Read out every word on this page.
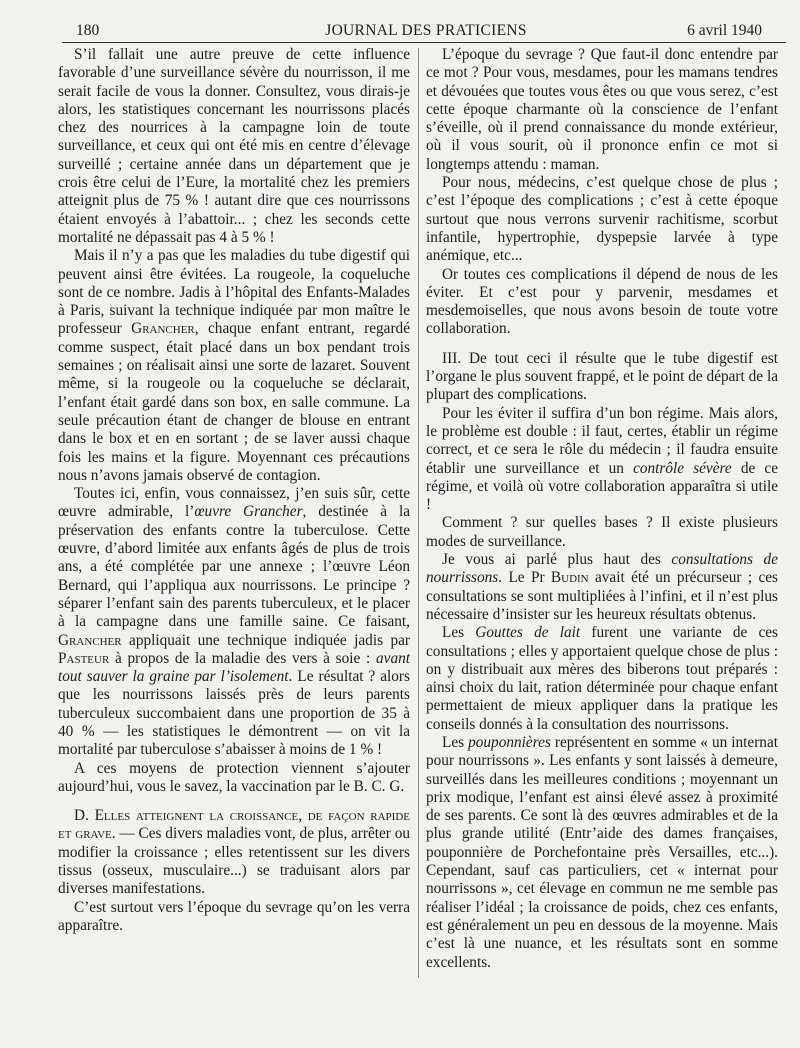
180	JOURNAL DES PRATICIENS	6 avril 1940

S’il fallait une autre preuve de cette influence favorable d’une surveillance sévère du nourrisson, il me serait facile de vous la donner. Consultez, vous dirais-je alors, les statistiques concernant les nourrissons placés chez des nourrices à la campagne loin de toute surveillance, et ceux qui ont été mis en centre d’élevage surveillé ; certaine année dans un département que je crois être celui de l’Eure, la mortalité chez les premiers atteignit plus de 75 % ! autant dire que ces nourrissons étaient envoyés à l’abattoir... ; chez les seconds cette mortalité ne dépassait pas 4 à 5 % !

Mais il n’y a pas que les maladies du tube digestif qui peuvent ainsi être évitées. La rougeole, la coqueluche sont de ce nombre. Jadis à l’hôpital des Enfants-Malades à Paris, suivant la technique indiquée par mon maître le professeur Grancher, chaque enfant entrant, regardé comme suspect, était placé dans un box pendant trois semaines ; on réalisait ainsi une sorte de lazaret. Souvent même, si la rougeole ou la coqueluche se déclarait, l’enfant était gardé dans son box, en salle commune. La seule précaution étant de changer de blouse en entrant dans le box et en en sortant ; de se laver aussi chaque fois les mains et la figure. Moyennant ces précautions nous n’avons jamais observé de contagion.

Toutes ici, enfin, vous connaissez, j’en suis sûr, cette œuvre admirable, l’œuvre Grancher, destinée à la préservation des enfants contre la tuberculose. Cette œuvre, d’abord limitée aux enfants âgés de plus de trois ans, a été complétée par une annexe ; l’œuvre Léon Bernard, qui l’appliqua aux nourrissons. Le principe ? séparer l’enfant sain des parents tuberculeux, et le placer à la campagne dans une famille saine. Ce faisant, Grancher appliquait une technique indiquée jadis par Pasteur à propos de la maladie des vers à soie : avant tout sauver la graine par l’isolement. Le résultat ? alors que les nourrissons laissés près de leurs parents tuberculeux succombaient dans une proportion de 35 à 40 % — les statistiques le démontrent — on vit la mortalité par tuberculose s’abaisser à moins de 1 % !

A ces moyens de protection viennent s’ajouter aujourd’hui, vous le savez, la vaccination par le B. C. G.

D. Elles atteignent la croissance, de façon rapide et grave. — Ces divers maladies vont, de plus, arrêter ou modifier la croissance ; elles retentissent sur les divers tissus (osseux, musculaire...) se traduisant alors par diverses manifestations.

C’est surtout vers l’époque du sevrage qu’on les verra apparaître.

L’époque du sevrage ? Que faut-il donc entendre par ce mot ? Pour vous, mesdames, pour les mamans tendres et dévouées que toutes vous êtes ou que vous serez, c’est cette époque charmante où la conscience de l’enfant s’éveille, où il prend connaissance du monde extérieur, où il vous sourit, où il prononce enfin ce mot si longtemps attendu : maman.

Pour nous, médecins, c’est quelque chose de plus ; c’est l’époque des complications ; c’est à cette époque surtout que nous verrons survenir rachitisme, scorbut infantile, hypertrophie, dyspepsie larvée à type anémique, etc...

Or toutes ces complications il dépend de nous de les éviter. Et c’est pour y parvenir, mesdames et mesdemoiselles, que nous avons besoin de toute votre collaboration.

III. De tout ceci il résulte que le tube digestif est l’organe le plus souvent frappé, et le point de départ de la plupart des complications.

Pour les éviter il suffira d’un bon régime. Mais alors, le problème est double : il faut, certes, établir un régime correct, et ce sera le rôle du médecin ; il faudra ensuite établir une surveillance et un contrôle sévère de ce régime, et voilà où votre collaboration apparaîtra si utile !

Comment ? sur quelles bases ? Il existe plusieurs modes de surveillance.

Je vous ai parlé plus haut des consultations de nourrissons. Le Pr Budin avait été un précurseur ; ces consultations se sont multipliées à l’infini, et il n’est plus nécessaire d’insister sur les heureux résultats obtenus.

Les Gouttes de lait furent une variante de ces consultations ; elles y apportaient quelque chose de plus : on y distribuait aux mères des biberons tout préparés : ainsi choix du lait, ration déterminée pour chaque enfant permettaient de mieux appliquer dans la pratique les conseils donnés à la consultation des nourrissons.

Les pouponnières représentent en somme « un internat pour nourrissons ». Les enfants y sont laissés à demeure, surveillés dans les meilleures conditions ; moyennant un prix modique, l’enfant est ainsi élevé assez à proximité de ses parents. Ce sont là des œuvres admirables et de la plus grande utilité (Entr’aide des dames françaises, pouponnière de Porchefontaine près Versailles, etc...). Cependant, sauf cas particuliers, cet « internat pour nourrissons », cet élevage en commun ne me semble pas réaliser l’idéal ; la croissance de poids, chez ces enfants, est généralement un peu en dessous de la moyenne. Mais c’est là une nuance, et les résultats sont en somme excellents.
